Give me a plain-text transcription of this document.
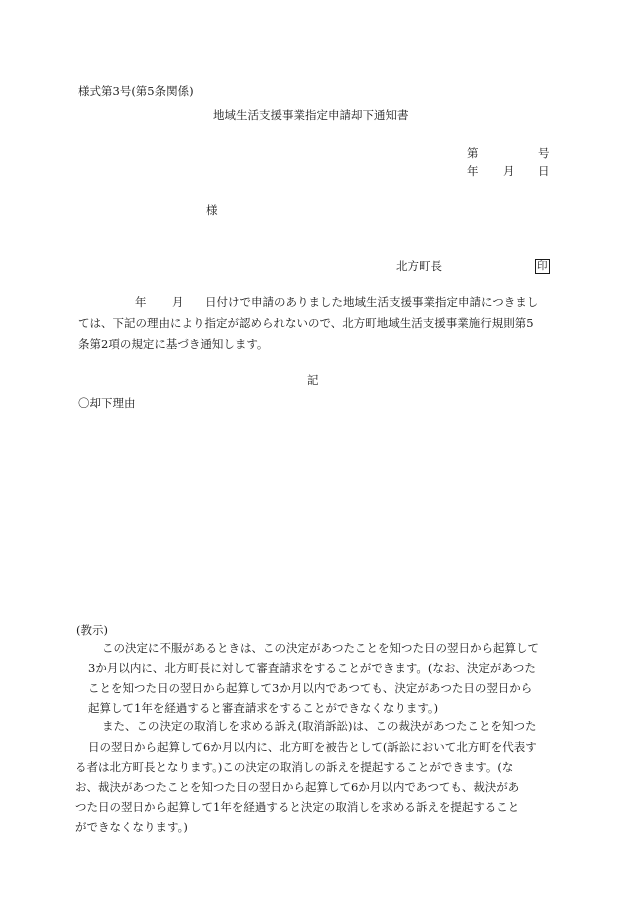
様式第3号(第5条関係)
地域生活支援事業指定申請却下通知書
第	号
年 月 日
様
北方町長	印
年 月 日付けで申請のありました地域生活支援事業指定申請につきまし
ては、下記の理由により指定が認められないので、北方町地域生活支援事業施行規則第5
条第2項の規定に基づき通知します。
記
〇却下理由
(教示)
この決定に不服があるときは、この決定があつたことを知つた日の翌日から起算して
3か月以内に、北方町長に対して審査請求をすることができます。(なお、決定があつた
ことを知つた日の翌日から起算して3か月以内であつても、決定があつた日の翌日から
起算して1年を経過すると審査請求をすることができなくなります。)
また、この決定の取消しを求める訴え(取消訴訟)は、この裁決があつたことを知つた
日の翌日から起算して6か月以内に、北方町を被告として(訴訟において北方町を代表す
る者は北方町長となります。)この決定の取消しの訴えを提起することができます。(な
お、裁決があつたことを知つた日の翌日から起算して6か月以内であつても、裁決があ
つた日の翌日から起算して1年を経過すると決定の取消しを求める訴えを提起すること
ができなくなります。)
